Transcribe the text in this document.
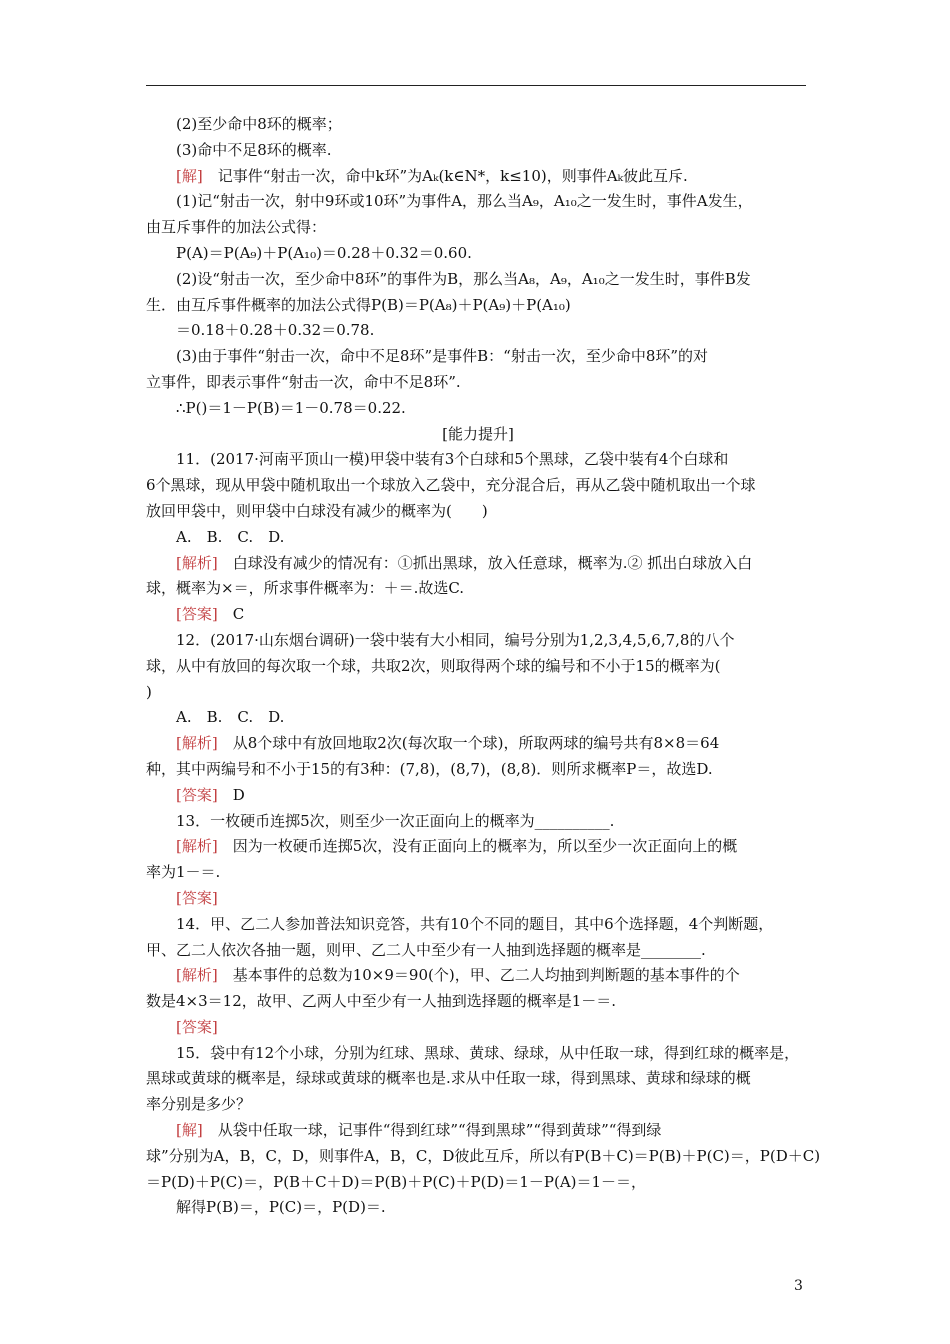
(2)至少命中8环的概率；
(3)命中不足8环的概率.
[解]　记事件“射击一次，命中k环”为Aₖ(k∈N*，k≤10)，则事件Aₖ彼此互斥.
(1)记“射击一次，射中9环或10环”为事件A，那么当A₉，A₁₀之一发生时，事件A发生，
由互斥事件的加法公式得：
P(A)＝P(A₉)＋P(A₁₀)＝0.28＋0.32＝0.60.
(2)设“射击一次，至少命中8环”的事件为B，那么当A₈，A₉，A₁₀之一发生时，事件B发
生．由互斥事件概率的加法公式得P(B)＝P(A₈)＋P(A₉)＋P(A₁₀)
＝0.18＋0.28＋0.32＝0.78.
(3)由于事件“射击一次，命中不足8环”是事件B：“射击一次，至少命中8环”的对
立事件，即表示事件“射击一次，命中不足8环”.
∴P()＝1－P(B)＝1－0.78＝0.22.
[能力提升]
11．(2017·河南平顶山一模)甲袋中装有3个白球和5个黑球，乙袋中装有4个白球和
6个黑球，现从甲袋中随机取出一个球放入乙袋中，充分混合后，再从乙袋中随机取出一个球
放回甲袋中，则甲袋中白球没有减少的概率为(　　)
A.　B.　C.　D.
[解析]　白球没有减少的情况有：①抓出黑球，放入任意球，概率为.② 抓出白球放入白
球，概率为×＝，所求事件概率为：＋＝.故选C.
[答案]　C
12．(2017·山东烟台调研)一袋中装有大小相同，编号分别为1,2,3,4,5,6,7,8的八个
球，从中有放回的每次取一个球，共取2次，则取得两个球的编号和不小于15的概率为(
)
A.　B.　C.　D.
[解析]　从8个球中有放回地取2次(每次取一个球)，所取两球的编号共有8×8＝64
种，其中两编号和不小于15的有3种：(7,8)，(8,7)，(8,8)．则所求概率P＝，故选D.
[答案]　D
13．一枚硬币连掷5次，则至少一次正面向上的概率为__________.
[解析]　因为一枚硬币连掷5次，没有正面向上的概率为，所以至少一次正面向上的概
率为1－＝.
[答案]
14．甲、乙二人参加普法知识竞答，共有10个不同的题目，其中6个选择题，4个判断题，
甲、乙二人依次各抽一题，则甲、乙二人中至少有一人抽到选择题的概率是________.
[解析]　基本事件的总数为10×9＝90(个)，甲、乙二人均抽到判断题的基本事件的个
数是4×3＝12，故甲、乙两人中至少有一人抽到选择题的概率是1－＝.
[答案]
15．袋中有12个小球，分别为红球、黑球、黄球、绿球，从中任取一球，得到红球的概率是，
黑球或黄球的概率是，绿球或黄球的概率也是.求从中任取一球，得到黑球、黄球和绿球的概
率分别是多少？
[解]　从袋中任取一球，记事件“得到红球”“得到黑球”“得到黄球”“得到绿
球”分别为A，B，C，D，则事件A，B，C，D彼此互斥，所以有P(B＋C)＝P(B)＋P(C)＝，P(D＋C)
＝P(D)＋P(C)＝，P(B＋C＋D)＝P(B)＋P(C)＋P(D)＝1－P(A)＝1－＝，
解得P(B)＝，P(C)＝，P(D)＝.
3
